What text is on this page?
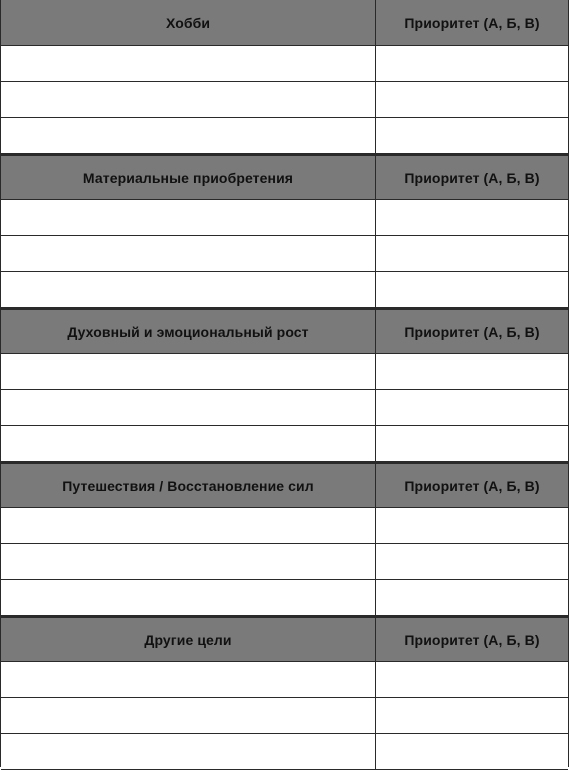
Хобби	Приоритет (А, Б, В)
Материальные приобретения	Приоритет (А, Б, В)
Духовный и эмоциональный рост	Приоритет (А, Б, В)
Путешествия / Восстановление сил	Приоритет (А, Б, В)
Другие цели	Приоритет (А, Б, В)
